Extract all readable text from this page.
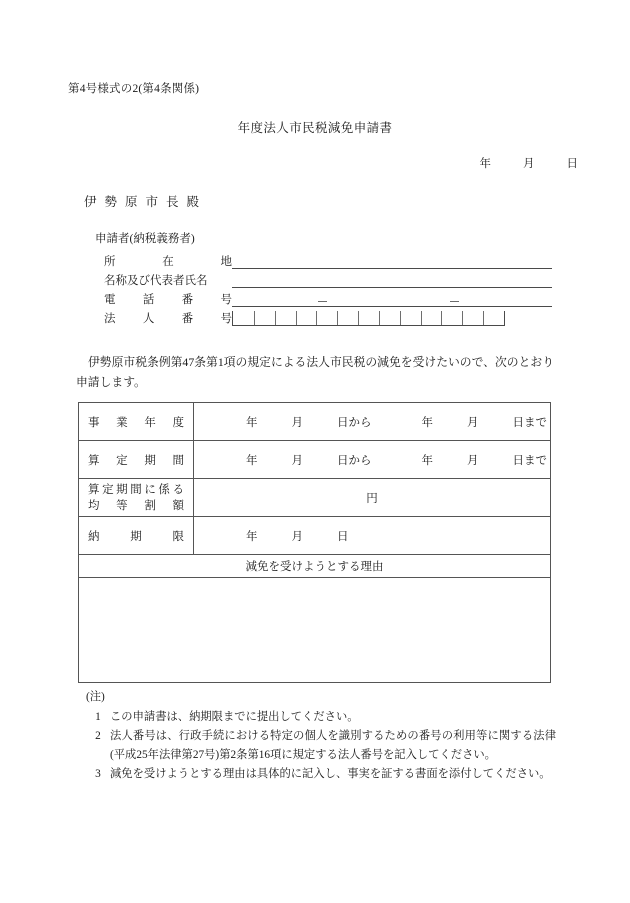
第4号様式の2(第4条関係)
年度法人市民税減免申請書
年	月	日
伊勢原市長殿
申請者(納税義務者)
所在地
名称及び代表者氏名
電話番号
法人番号
伊勢原市税条例第47条第1項の規定による法人市民税の減免を受けたいので、次のとおり申請します。
事業年度	年 月 日から 年 月 日まで

算定期間	年 月 日から 年 月 日まで

算定期間に係る
均等割額	円

納期限	年 月 日

減免を受けようとする理由	

(注)
1 この申請書は、納期限までに提出してください。
2 法人番号は、行政手続における特定の個人を識別するための番号の利用等に関する法律(平成25年法律第27号)第2条第16項に規定する法人番号を記入してください。
3 減免を受けようとする理由は具体的に記入し、事実を証する書面を添付してください。
